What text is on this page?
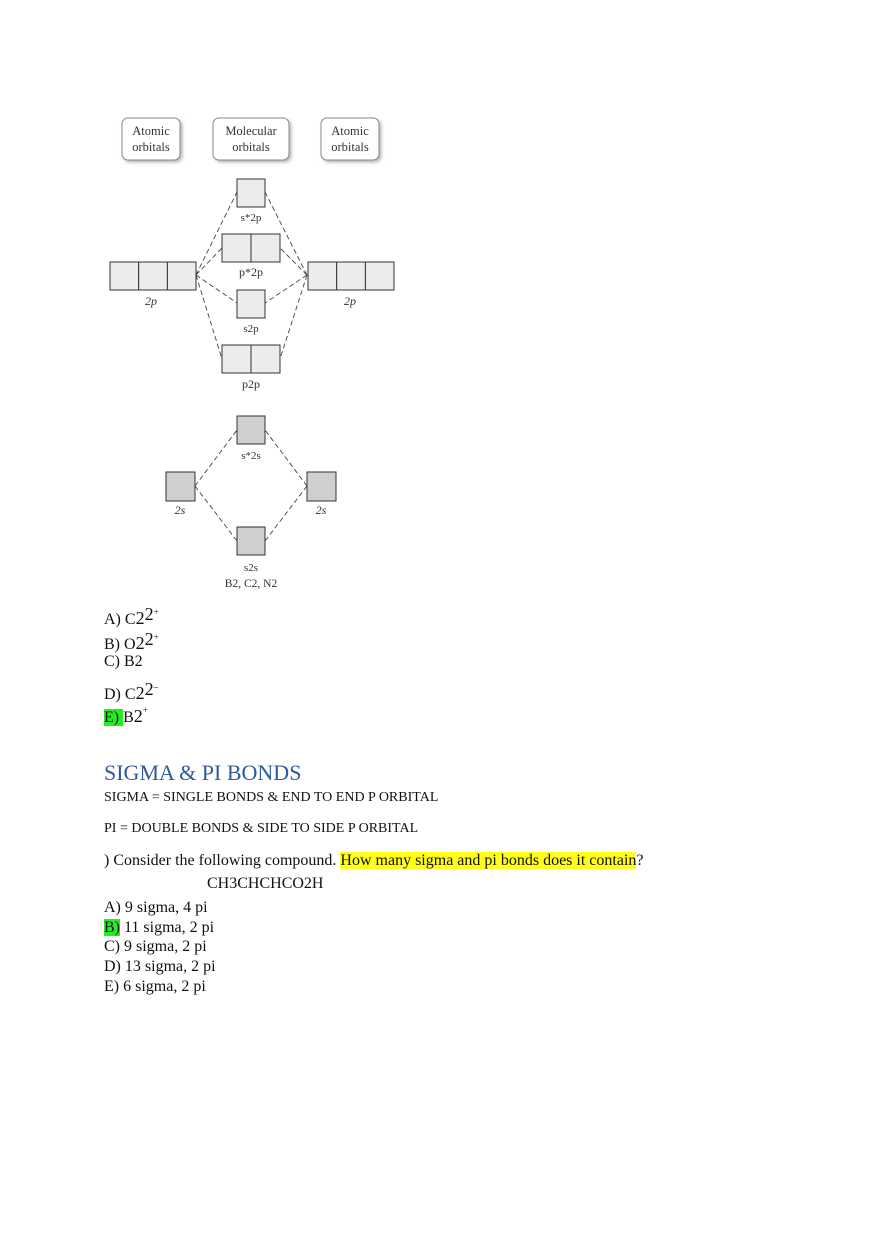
Atomic
orbitals
Molecular
orbitals
Atomic
orbitals
2p	2p
s*2p
p*2p
s2p
p2p
s*2s
2s	2s
s2s
B2, C2, N2
A) C22+
B) O22+
C) B2
D) C22–
E) B2+
SIGMA & PI BONDS
SIGMA = SINGLE BONDS & END TO END P ORBITAL
PI = DOUBLE BONDS & SIDE TO SIDE P ORBITAL
) Consider the following compound. How many sigma and pi bonds does it contain?
CH3CHCHCO2H
A) 9 sigma, 4 pi
B) 11 sigma, 2 pi
C) 9 sigma, 2 pi
D) 13 sigma, 2 pi
E) 6 sigma, 2 pi
